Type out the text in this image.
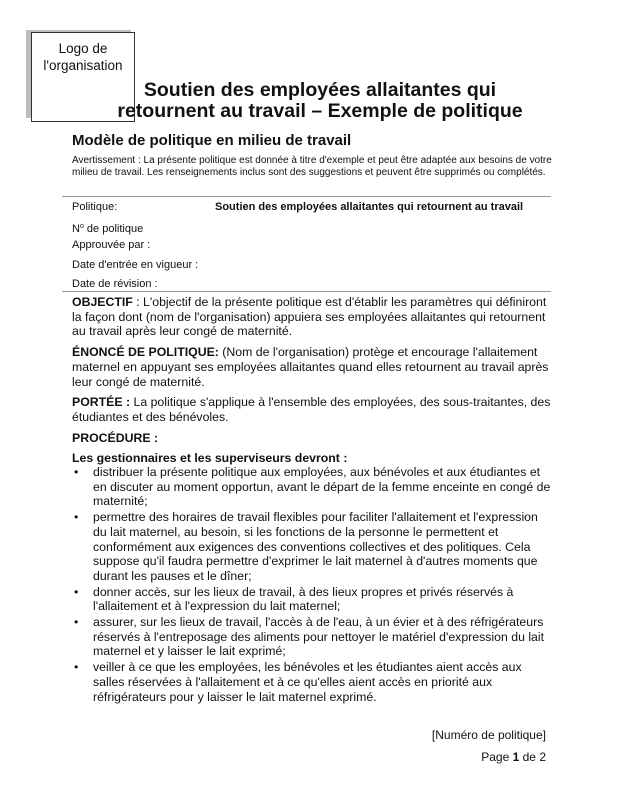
Logo de
l'organisation
Soutien des employées allaitantes qui
retournent au travail – Exemple de politique
Modèle de politique en milieu de travail
Avertissement : La présente politique est donnée à titre d'exemple et peut être adaptée aux besoins de votre milieu de travail. Les renseignements inclus sont des suggestions et peuvent être supprimés ou complétés.
Politique:	Soutien des employées allaitantes qui retournent au travail
$N^o$ de politique
Approuvée par :
Date d'entrée en vigueur :
Date de révision :

OBJECTIF : L'objectif de la présente politique est d'établir les paramètres qui définiront la façon dont (nom de l'organisation) appuiera ses employées allaitantes qui retournent au travail après leur congé de maternité.

ÉNONCÉ DE POLITIQUE: (Nom de l'organisation) protège et encourage l'allaitement maternel en appuyant ses employées allaitantes quand elles retournent au travail après leur congé de maternité.

PORTÉE : La politique s'applique à l'ensemble des employées, des sous-traitantes, des étudiantes et des bénévoles.

PROCÉDURE :

Les gestionnaires et les superviseurs devront :

•	distribuer la présente politique aux employées, aux bénévoles et aux étudiantes et en discuter au moment opportun, avant le départ de la femme enceinte en congé de maternité;
•	permettre des horaires de travail flexibles pour faciliter l'allaitement et l'expression du lait maternel, au besoin, si les fonctions de la personne le permettent et conformément aux exigences des conventions collectives et des politiques. Cela suppose qu'il faudra permettre d'exprimer le lait maternel à d'autres moments que durant les pauses et le dîner;
•	donner accès, sur les lieux de travail, à des lieux propres et privés réservés à l'allaitement et à l'expression du lait maternel;
•	assurer, sur les lieux de travail, l'accès à de l'eau, à un évier et à des réfrigérateurs réservés à l'entreposage des aliments pour nettoyer le matériel d'expression du lait maternel et y laisser le lait exprimé;
•	veiller à ce que les employées, les bénévoles et les étudiantes aient accès aux salles réservées à l'allaitement et à ce qu'elles aient accès en priorité aux réfrigérateurs pour y laisser le lait maternel exprimé.
[Numéro de politique]
Page 1 de 2
